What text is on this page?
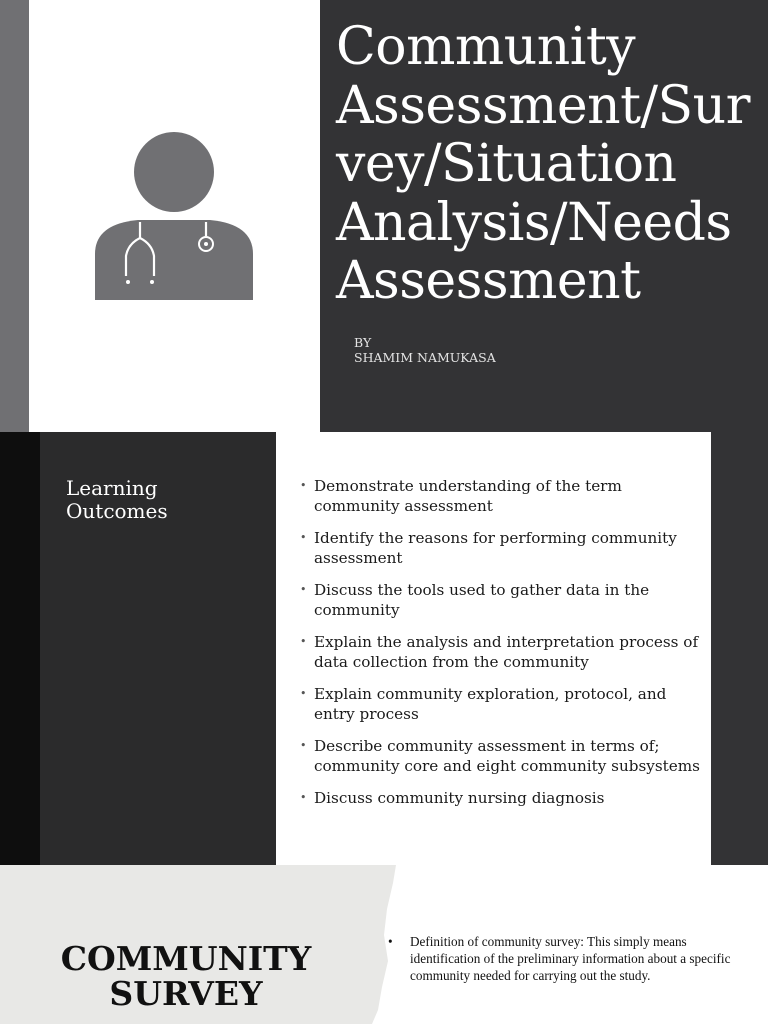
Community Assessment/Survey/Situation Analysis/Needs Assessment
BY
SHAMIM NAMUKASA
Learning
Outcomes
• Demonstrate understanding of the term community assessment
• Identify the reasons for performing community assessment
• Discuss the tools used to gather data in the community
• Explain the analysis and interpretation process of data collection from the community
• Explain community exploration, protocol, and entry process
• Describe community assessment in terms of; community core and eight community subsystems
• Discuss community nursing diagnosis
COMMUNITY
SURVEY
•	Definition of community survey: This simply means identification of the preliminary information about a specific community needed for carrying out the study.
